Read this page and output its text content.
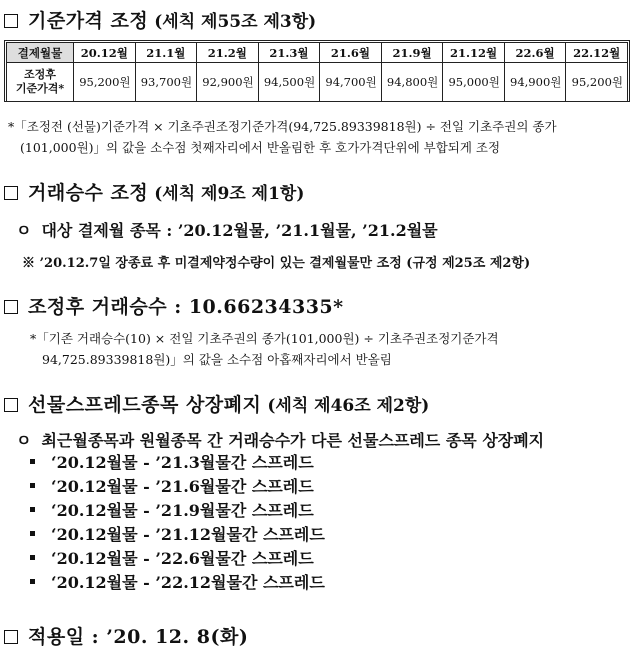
기준가격 조정 (세칙 제55조 제3항)
결제월물	20.12월	21.1월	21.2월	21.3월	21.6월	21.9월	21.12월	22.6월	22.12월
조정후
기준가격*	95,200원	93,700원	92,900원	94,500원	94,700원	94,800원	95,000원	94,900원	95,200원
*「조정전 (선물)기준가격 × 기초주권조정기준가격(94,725.89339818원) ÷ 전일 기초주권의 종가
(101,000원)」의 값을 소수점 첫째자리에서 반올림한 후 호가가격단위에 부합되게 조정
거래승수 조정 (세칙 제9조 제1항)
ㅇ 대상 결제월 종목 : ’20.12월물, ’21.1월물, ’21.2월물
※ ’20.12.7일 장종료 후 미결제약정수량이 있는 결제월물만 조정 (규정 제25조 제2항)
조정후 거래승수 : 10.66234335*
*「기존 거래승수(10) × 전일 기초주권의 종가(101,000원) ÷ 기초주권조정기준가격
94,725.89339818원)」의 값을 소수점 아홉째자리에서 반올림
선물스프레드종목 상장폐지 (세칙 제46조 제2항)
ㅇ 최근월종목과 원월종목 간 거래승수가 다른 선물스프레드 종목 상장폐지
‘20.12월물 - ’21.3월물간 스프레드
‘20.12월물 - ’21.6월물간 스프레드
‘20.12월물 - ’21.9월물간 스프레드
‘20.12월물 - ’21.12월물간 스프레드
‘20.12월물 - ’22.6월물간 스프레드
‘20.12월물 - ’22.12월물간 스프레드
적용일 : ’20. 12. 8(화)
